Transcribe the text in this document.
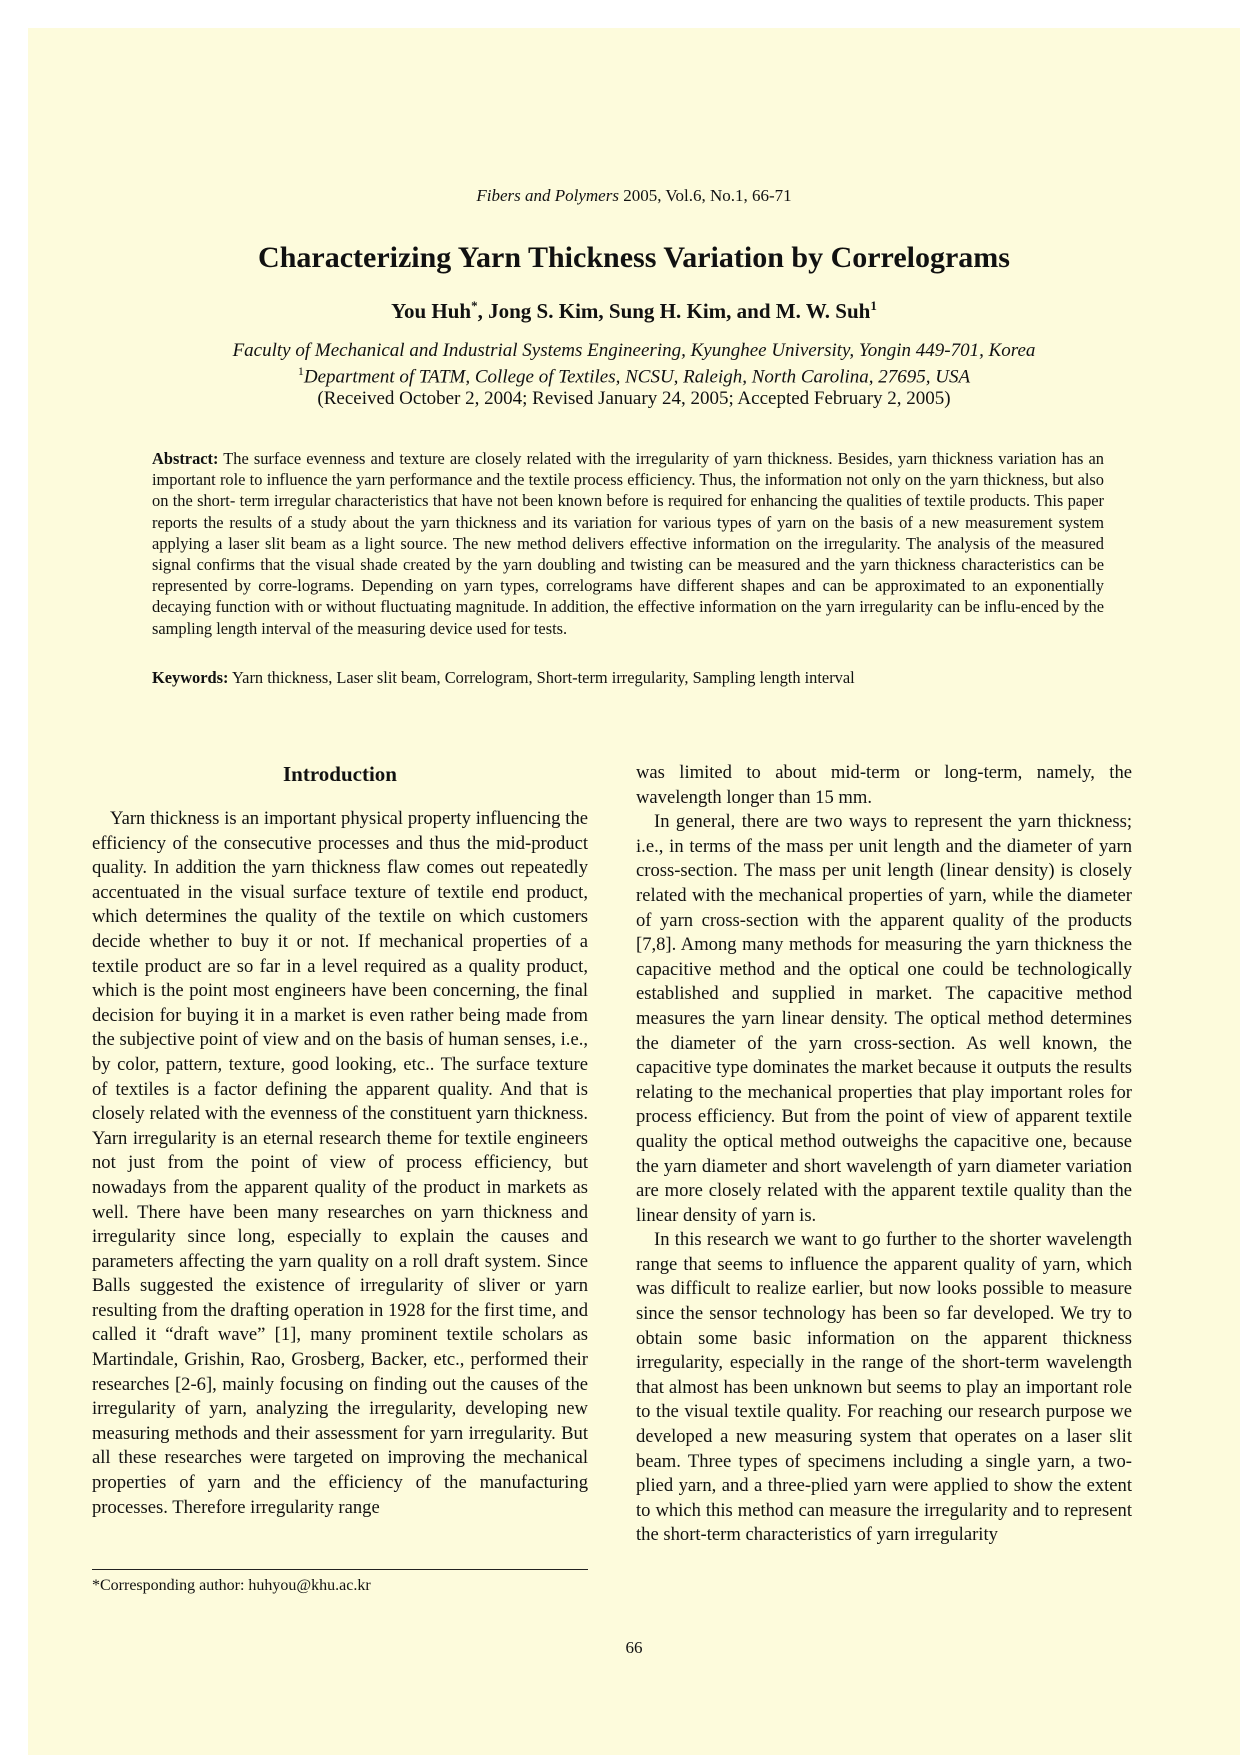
Fibers and Polymers 2005, Vol.6, No.1, 66-71
Characterizing Yarn Thickness Variation by Correlograms
You Huh*, Jong S. Kim, Sung H. Kim, and M. W. Suh$^1$
Faculty of Mechanical and Industrial Systems Engineering, Kyunghee University, Yongin 449-701, Korea
$^1$Department of TATM, College of Textiles, NCSU, Raleigh, North Carolina, 27695, USA
(Received October 2, 2004; Revised January 24, 2005; Accepted February 2, 2005)

Abstract: The surface evenness and texture are closely related with the irregularity of yarn thickness. Besides, yarn thickness variation has an important role to influence the yarn performance and the textile process efficiency. Thus, the information not only on the yarn thickness, but also on the short- term irregular characteristics that have not been known before is required for enhancing the qualities of textile products. This paper reports the results of a study about the yarn thickness and its variation for various types of yarn on the basis of a new measurement system applying a laser slit beam as a light source. The new method delivers effective information on the irregularity. The analysis of the measured signal confirms that the visual shade created by the yarn doubling and twisting can be measured and the yarn thickness characteristics can be represented by corre-lograms. Depending on yarn types, correlograms have different shapes and can be approximated to an exponentially decaying function with or without fluctuating magnitude. In addition, the effective information on the yarn irregularity can be influ-enced by the sampling length interval of the measuring device used for tests.

Keywords: Yarn thickness, Laser slit beam, Correlogram, Short-term irregularity, Sampling length interval

Introduction

Yarn thickness is an important physical property influencing the efficiency of the consecutive processes and thus the mid-product quality. In addition the yarn thickness flaw comes out repeatedly accentuated in the visual surface texture of textile end product, which determines the quality of the textile on which customers decide whether to buy it or not. If mechanical properties of a textile product are so far in a level required as a quality product, which is the point most engineers have been concerning, the final decision for buying it in a market is even rather being made from the subjective point of view and on the basis of human senses, i.e., by color, pattern, texture, good looking, etc.. The surface texture of textiles is a factor defining the apparent quality. And that is closely related with the evenness of the constituent yarn thickness. Yarn irregularity is an eternal research theme for textile engineers not just from the point of view of process efficiency, but nowadays from the apparent quality of the product in markets as well. There have been many researches on yarn thickness and irregularity since long, especially to explain the causes and parameters affecting the yarn quality on a roll draft system. Since Balls suggested the existence of irregularity of sliver or yarn resulting from the drafting operation in 1928 for the first time, and called it “draft wave” [1], many prominent textile scholars as Martindale, Grishin, Rao, Grosberg, Backer, etc., performed their researches [2-6], mainly focusing on finding out the causes of the irregularity of yarn, analyzing the irregularity, developing new measuring methods and their assessment for yarn irregularity. But all these researches were targeted on improving the mechanical properties of yarn and the efficiency of the manufacturing processes. Therefore irregularity range

was limited to about mid-term or long-term, namely, the wavelength longer than 15 mm.

In general, there are two ways to represent the yarn thickness; i.e., in terms of the mass per unit length and the diameter of yarn cross-section. The mass per unit length (linear density) is closely related with the mechanical properties of yarn, while the diameter of yarn cross-section with the apparent quality of the products [7,8]. Among many methods for measuring the yarn thickness the capacitive method and the optical one could be technologically established and supplied in market. The capacitive method measures the yarn linear density. The optical method determines the diameter of the yarn cross-section. As well known, the capacitive type dominates the market because it outputs the results relating to the mechanical properties that play important roles for process efficiency. But from the point of view of apparent textile quality the optical method outweighs the capacitive one, because the yarn diameter and short wavelength of yarn diameter variation are more closely related with the apparent textile quality than the linear density of yarn is.

In this research we want to go further to the shorter wavelength range that seems to influence the apparent quality of yarn, which was difficult to realize earlier, but now looks possible to measure since the sensor technology has been so far developed. We try to obtain some basic information on the apparent thickness irregularity, especially in the range of the short-term wavelength that almost has been unknown but seems to play an important role to the visual textile quality. For reaching our research purpose we developed a new measuring system that operates on a laser slit beam. Three types of specimens including a single yarn, a two-plied yarn, and a three-plied yarn were applied to show the extent to which this method can measure the irregularity and to represent the short-term characteristics of yarn irregularity

*Corresponding author: huhyou@khu.ac.kr
66
